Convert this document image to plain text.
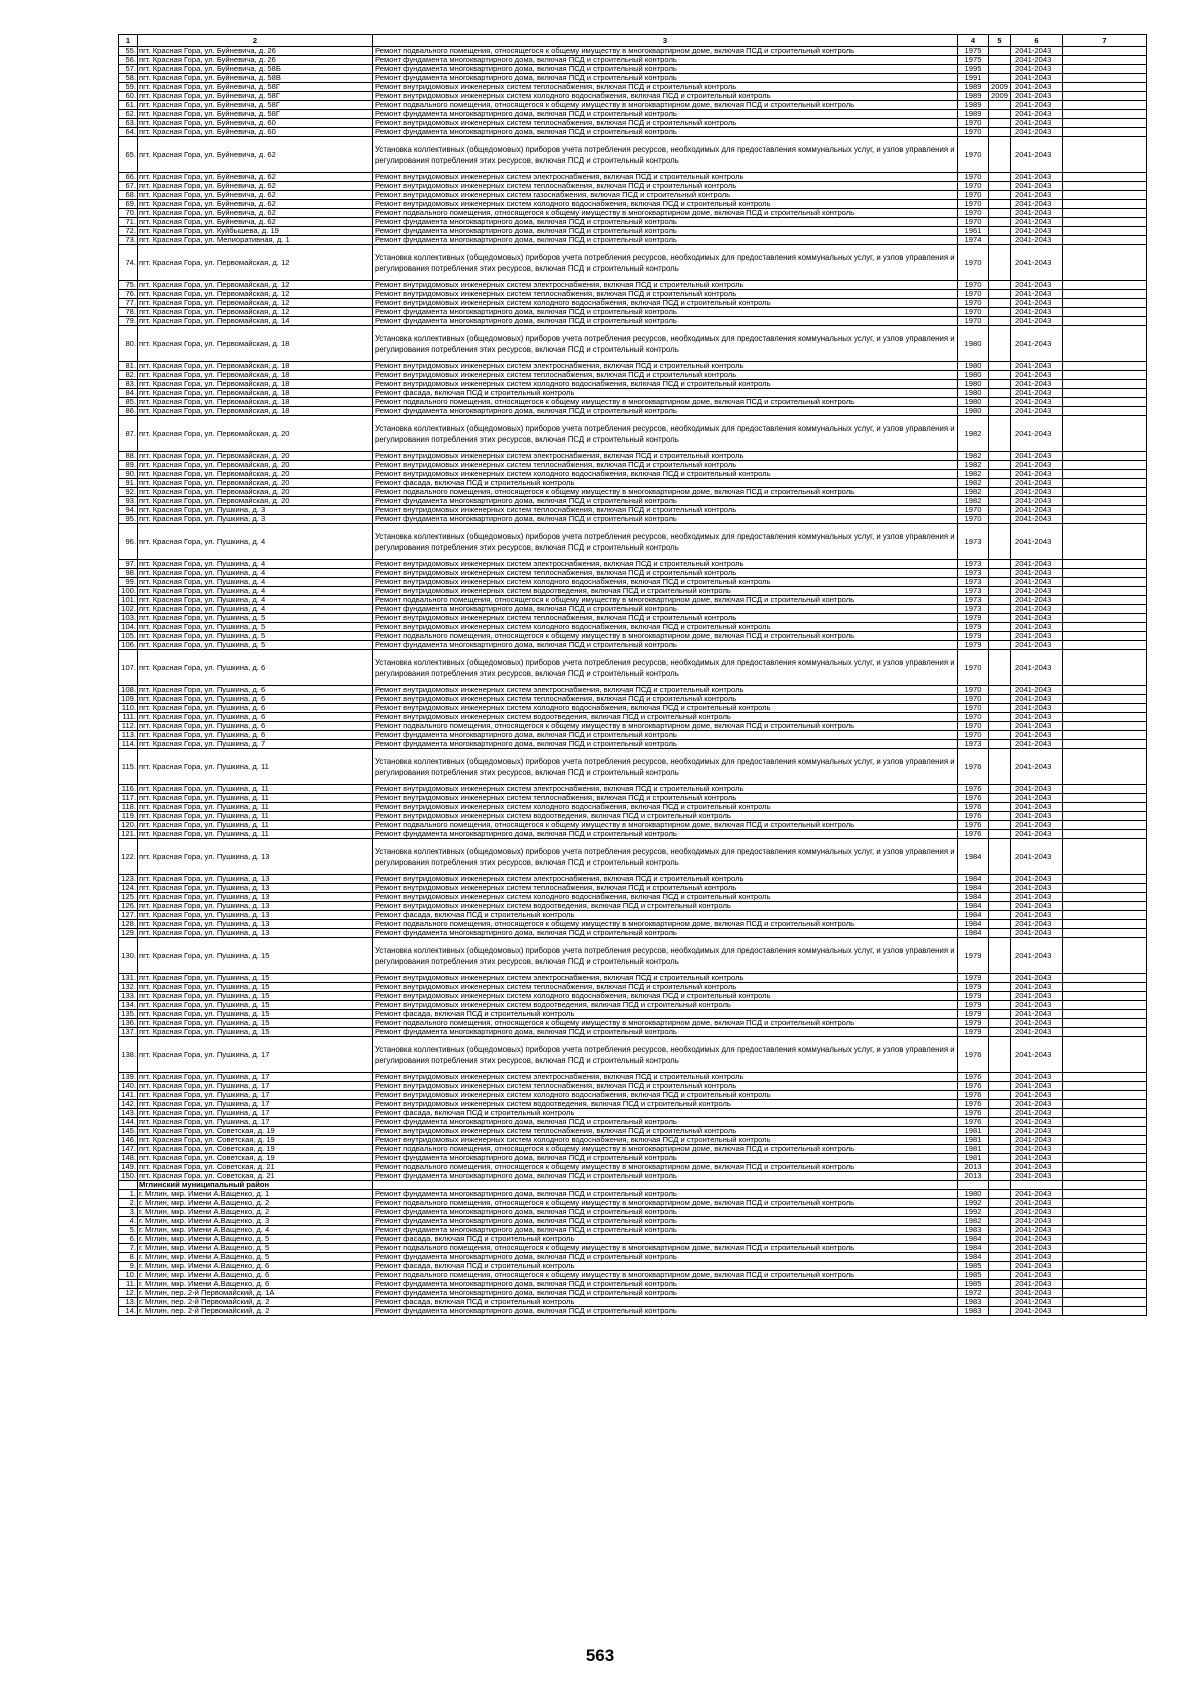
1	2	3	4	5	6	7
55.	пгт. Красная Гора, ул. Буйневича, д. 26	Ремонт подвального помещения, относящегося к общему имуществу в многоквартирном доме, включая ПСД и строительный контроль	1975		2041-2043	
56.	пгт. Красная Гора, ул. Буйневича, д. 26	Ремонт фундамента многоквартирного дома, включая ПСД и строительный контроль	1975		2041-2043	
57.	пгт. Красная Гора, ул. Буйневича, д. 58Б	Ремонт фундамента многоквартирного дома, включая ПСД и строительный контроль	1995		2041-2043	
58.	пгт. Красная Гора, ул. Буйневича, д. 58В	Ремонт фундамента многоквартирного дома, включая ПСД и строительный контроль	1991		2041-2043	
59.	пгт. Красная Гора, ул. Буйневича, д. 58Г	Ремонт внутридомовых инженерных систем теплоснабжения, включая ПСД и строительный контроль	1989	2009	2041-2043	
60.	пгт. Красная Гора, ул. Буйневича, д. 58Г	Ремонт внутридомовых инженерных систем холодного водоснабжения, включая ПСД и строительный контроль	1989	2009	2041-2043	
61.	пгт. Красная Гора, ул. Буйневича, д. 58Г	Ремонт подвального помещения, относящегося к общему имуществу в многоквартирном доме, включая ПСД и строительный контроль	1989		2041-2043	
62.	пгт. Красная Гора, ул. Буйневича, д. 58Г	Ремонт фундамента многоквартирного дома, включая ПСД и строительный контроль	1989		2041-2043	
63.	пгт. Красная Гора, ул. Буйневича, д. 60	Ремонт внутридомовых инженерных систем теплоснабжения, включая ПСД и строительный контроль	1970		2041-2043	
64.	пгт. Красная Гора, ул. Буйневича, д. 60	Ремонт фундамента многоквартирного дома, включая ПСД и строительный контроль	1970		2041-2043	
65.	пгт. Красная Гора, ул. Буйневича, д. 62	Установка коллективных (общедомовых) приборов учета потребления ресурсов, необходимых для предоставления коммунальных услуг, и узлов управления и регулирования потребления этих ресурсов, включая ПСД и строительный контроль	1970		2041-2043	
66.	пгт. Красная Гора, ул. Буйневича, д. 62	Ремонт внутридомовых инженерных систем электроснабжения, включая ПСД и строительный контроль	1970		2041-2043	
67.	пгт. Красная Гора, ул. Буйневича, д. 62	Ремонт внутридомовых инженерных систем теплоснабжения, включая ПСД и строительный контроль	1970		2041-2043	
68.	пгт. Красная Гора, ул. Буйневича, д. 62	Ремонт внутридомовых инженерных систем газоснабжения, включая ПСД и строительный контроль	1970		2041-2043	
69.	пгт. Красная Гора, ул. Буйневича, д. 62	Ремонт внутридомовых инженерных систем холодного водоснабжения, включая ПСД и строительный контроль	1970		2041-2043	
70.	пгт. Красная Гора, ул. Буйневича, д. 62	Ремонт подвального помещения, относящегося к общему имуществу в многоквартирном доме, включая ПСД и строительный контроль	1970		2041-2043	
71.	пгт. Красная Гора, ул. Буйневича, д. 62	Ремонт фундамента многоквартирного дома, включая ПСД и строительный контроль	1970		2041-2043	
72.	пгт. Красная Гора, ул. Куйбышева, д. 19	Ремонт фундамента многоквартирного дома, включая ПСД и строительный контроль	1961		2041-2043	
73.	пгт. Красная Гора, ул. Мелиоративная, д. 1	Ремонт фундамента многоквартирного дома, включая ПСД и строительный контроль	1974		2041-2043	
74.	пгт. Красная Гора, ул. Первомайская, д. 12	Установка коллективных (общедомовых) приборов учета потребления ресурсов, необходимых для предоставления коммунальных услуг, и узлов управления и регулирования потребления этих ресурсов, включая ПСД и строительный контроль	1970		2041-2043	
75.	пгт. Красная Гора, ул. Первомайская, д. 12	Ремонт внутридомовых инженерных систем электроснабжения, включая ПСД и строительный контроль	1970		2041-2043	
76.	пгт. Красная Гора, ул. Первомайская, д. 12	Ремонт внутридомовых инженерных систем теплоснабжения, включая ПСД и строительный контроль	1970		2041-2043	
77.	пгт. Красная Гора, ул. Первомайская, д. 12	Ремонт внутридомовых инженерных систем холодного водоснабжения, включая ПСД и строительный контроль	1970		2041-2043	
78.	пгт. Красная Гора, ул. Первомайская, д. 12	Ремонт фундамента многоквартирного дома, включая ПСД и строительный контроль	1970		2041-2043	
79.	пгт. Красная Гора, ул. Первомайская, д. 14	Ремонт фундамента многоквартирного дома, включая ПСД и строительный контроль	1970		2041-2043	
80.	пгт. Красная Гора, ул. Первомайская, д. 18	Установка коллективных (общедомовых) приборов учета потребления ресурсов, необходимых для предоставления коммунальных услуг, и узлов управления и регулирования потребления этих ресурсов, включая ПСД и строительный контроль	1980		2041-2043	
81.	пгт. Красная Гора, ул. Первомайская, д. 18	Ремонт внутридомовых инженерных систем электроснабжения, включая ПСД и строительный контроль	1980		2041-2043	
82.	пгт. Красная Гора, ул. Первомайская, д. 18	Ремонт внутридомовых инженерных систем теплоснабжения, включая ПСД и строительный контроль	1980		2041-2043	
83.	пгт. Красная Гора, ул. Первомайская, д. 18	Ремонт внутридомовых инженерных систем холодного водоснабжения, включая ПСД и строительный контроль	1980		2041-2043	
84.	пгт. Красная Гора, ул. Первомайская, д. 18	Ремонт фасада, включая ПСД и строительный контроль	1980		2041-2043	
85.	пгт. Красная Гора, ул. Первомайская, д. 18	Ремонт подвального помещения, относящегося к общему имуществу в многоквартирном доме, включая ПСД и строительный контроль	1980		2041-2043	
86.	пгт. Красная Гора, ул. Первомайская, д. 18	Ремонт фундамента многоквартирного дома, включая ПСД и строительный контроль	1980		2041-2043	
87.	пгт. Красная Гора, ул. Первомайская, д. 20	Установка коллективных (общедомовых) приборов учета потребления ресурсов, необходимых для предоставления коммунальных услуг, и узлов управления и регулирования потребления этих ресурсов, включая ПСД и строительный контроль	1982		2041-2043	
88.	пгт. Красная Гора, ул. Первомайская, д. 20	Ремонт внутридомовых инженерных систем электроснабжения, включая ПСД и строительный контроль	1982		2041-2043	
89.	пгт. Красная Гора, ул. Первомайская, д. 20	Ремонт внутридомовых инженерных систем теплоснабжения, включая ПСД и строительный контроль	1982		2041-2043	
90.	пгт. Красная Гора, ул. Первомайская, д. 20	Ремонт внутридомовых инженерных систем холодного водоснабжения, включая ПСД и строительный контроль	1982		2041-2043	
91.	пгт. Красная Гора, ул. Первомайская, д. 20	Ремонт фасада, включая ПСД и строительный контроль	1982		2041-2043	
92.	пгт. Красная Гора, ул. Первомайская, д. 20	Ремонт подвального помещения, относящегося к общему имуществу в многоквартирном доме, включая ПСД и строительный контроль	1982		2041-2043	
93.	пгт. Красная Гора, ул. Первомайская, д. 20	Ремонт фундамента многоквартирного дома, включая ПСД и строительный контроль	1982		2041-2043	
94.	пгт. Красная Гора, ул. Пушкина, д. 3	Ремонт внутридомовых инженерных систем теплоснабжения, включая ПСД и строительный контроль	1970		2041-2043	
95.	пгт. Красная Гора, ул. Пушкина, д. 3	Ремонт фундамента многоквартирного дома, включая ПСД и строительный контроль	1970		2041-2043	
96.	пгт. Красная Гора, ул. Пушкина, д. 4	Установка коллективных (общедомовых) приборов учета потребления ресурсов, необходимых для предоставления коммунальных услуг, и узлов управления и регулирования потребления этих ресурсов, включая ПСД и строительный контроль	1973		2041-2043	
97.	пгт. Красная Гора, ул. Пушкина, д. 4	Ремонт внутридомовых инженерных систем электроснабжения, включая ПСД и строительный контроль	1973		2041-2043	
98.	пгт. Красная Гора, ул. Пушкина, д. 4	Ремонт внутридомовых инженерных систем теплоснабжения, включая ПСД и строительный контроль	1973		2041-2043	
99.	пгт. Красная Гора, ул. Пушкина, д. 4	Ремонт внутридомовых инженерных систем холодного водоснабжения, включая ПСД и строительный контроль	1973		2041-2043	
100.	пгт. Красная Гора, ул. Пушкина, д. 4	Ремонт внутридомовых инженерных систем водоотведения, включая ПСД и строительный контроль	1973		2041-2043	
101.	пгт. Красная Гора, ул. Пушкина, д. 4	Ремонт подвального помещения, относящегося к общему имуществу в многоквартирном доме, включая ПСД и строительный контроль	1973		2041-2043	
102.	пгт. Красная Гора, ул. Пушкина, д. 4	Ремонт фундамента многоквартирного дома, включая ПСД и строительный контроль	1973		2041-2043	
103.	пгт. Красная Гора, ул. Пушкина, д. 5	Ремонт внутридомовых инженерных систем теплоснабжения, включая ПСД и строительный контроль	1979		2041-2043	
104.	пгт. Красная Гора, ул. Пушкина, д. 5	Ремонт внутридомовых инженерных систем холодного водоснабжения, включая ПСД и строительный контроль	1979		2041-2043	
105.	пгт. Красная Гора, ул. Пушкина, д. 5	Ремонт подвального помещения, относящегося к общему имуществу в многоквартирном доме, включая ПСД и строительный контроль	1979		2041-2043	
106.	пгт. Красная Гора, ул. Пушкина, д. 5	Ремонт фундамента многоквартирного дома, включая ПСД и строительный контроль	1979		2041-2043	
107.	пгт. Красная Гора, ул. Пушкина, д. 6	Установка коллективных (общедомовых) приборов учета потребления ресурсов, необходимых для предоставления коммунальных услуг, и узлов управления и регулирования потребления этих ресурсов, включая ПСД и строительный контроль	1970		2041-2043	
108.	пгт. Красная Гора, ул. Пушкина, д. 6	Ремонт внутридомовых инженерных систем электроснабжения, включая ПСД и строительный контроль	1970		2041-2043	
109.	пгт. Красная Гора, ул. Пушкина, д. 6	Ремонт внутридомовых инженерных систем теплоснабжения, включая ПСД и строительный контроль	1970		2041-2043	
110.	пгт. Красная Гора, ул. Пушкина, д. 6	Ремонт внутридомовых инженерных систем холодного водоснабжения, включая ПСД и строительный контроль	1970		2041-2043	
111.	пгт. Красная Гора, ул. Пушкина, д. 6	Ремонт внутридомовых инженерных систем водоотведения, включая ПСД и строительный контроль	1970		2041-2043	
112.	пгт. Красная Гора, ул. Пушкина, д. 6	Ремонт подвального помещения, относящегося к общему имуществу в многоквартирном доме, включая ПСД и строительный контроль	1970		2041-2043	
113.	пгт. Красная Гора, ул. Пушкина, д. 6	Ремонт фундамента многоквартирного дома, включая ПСД и строительный контроль	1970		2041-2043	
114.	пгт. Красная Гора, ул. Пушкина, д. 7	Ремонт фундамента многоквартирного дома, включая ПСД и строительный контроль	1973		2041-2043	
115.	пгт. Красная Гора, ул. Пушкина, д. 11	Установка коллективных (общедомовых) приборов учета потребления ресурсов, необходимых для предоставления коммунальных услуг, и узлов управления и регулирования потребления этих ресурсов, включая ПСД и строительный контроль	1976		2041-2043	
116.	пгт. Красная Гора, ул. Пушкина, д. 11	Ремонт внутридомовых инженерных систем электроснабжения, включая ПСД и строительный контроль	1976		2041-2043	
117.	пгт. Красная Гора, ул. Пушкина, д. 11	Ремонт внутридомовых инженерных систем теплоснабжения, включая ПСД и строительный контроль	1976		2041-2043	
118.	пгт. Красная Гора, ул. Пушкина, д. 11	Ремонт внутридомовых инженерных систем холодного водоснабжения, включая ПСД и строительный контроль	1976		2041-2043	
119.	пгт. Красная Гора, ул. Пушкина, д. 11	Ремонт внутридомовых инженерных систем водоотведения, включая ПСД и строительный контроль	1976		2041-2043	
120.	пгт. Красная Гора, ул. Пушкина, д. 11	Ремонт подвального помещения, относящегося к общему имуществу в многоквартирном доме, включая ПСД и строительный контроль	1976		2041-2043	
121.	пгт. Красная Гора, ул. Пушкина, д. 11	Ремонт фундамента многоквартирного дома, включая ПСД и строительный контроль	1976		2041-2043	
122.	пгт. Красная Гора, ул. Пушкина, д. 13	Установка коллективных (общедомовых) приборов учета потребления ресурсов, необходимых для предоставления коммунальных услуг, и узлов управления и регулирования потребления этих ресурсов, включая ПСД и строительный контроль	1984		2041-2043	
123.	пгт. Красная Гора, ул. Пушкина, д. 13	Ремонт внутридомовых инженерных систем электроснабжения, включая ПСД и строительный контроль	1984		2041-2043	
124.	пгт. Красная Гора, ул. Пушкина, д. 13	Ремонт внутридомовых инженерных систем теплоснабжения, включая ПСД и строительный контроль	1984		2041-2043	
125.	пгт. Красная Гора, ул. Пушкина, д. 13	Ремонт внутридомовых инженерных систем холодного водоснабжения, включая ПСД и строительный контроль	1984		2041-2043	
126.	пгт. Красная Гора, ул. Пушкина, д. 13	Ремонт внутридомовых инженерных систем водоотведения, включая ПСД и строительный контроль	1984		2041-2043	
127.	пгт. Красная Гора, ул. Пушкина, д. 13	Ремонт фасада, включая ПСД и строительный контроль	1984		2041-2043	
128.	пгт. Красная Гора, ул. Пушкина, д. 13	Ремонт подвального помещения, относящегося к общему имуществу в многоквартирном доме, включая ПСД и строительный контроль	1984		2041-2043	
129.	пгт. Красная Гора, ул. Пушкина, д. 13	Ремонт фундамента многоквартирного дома, включая ПСД и строительный контроль	1984		2041-2043	
130.	пгт. Красная Гора, ул. Пушкина, д. 15	Установка коллективных (общедомовых) приборов учета потребления ресурсов, необходимых для предоставления коммунальных услуг, и узлов управления и регулирования потребления этих ресурсов, включая ПСД и строительный контроль	1979		2041-2043	
131.	пгт. Красная Гора, ул. Пушкина, д. 15	Ремонт внутридомовых инженерных систем электроснабжения, включая ПСД и строительный контроль	1979		2041-2043	
132.	пгт. Красная Гора, ул. Пушкина, д. 15	Ремонт внутридомовых инженерных систем теплоснабжения, включая ПСД и строительный контроль	1979		2041-2043	
133.	пгт. Красная Гора, ул. Пушкина, д. 15	Ремонт внутридомовых инженерных систем холодного водоснабжения, включая ПСД и строительный контроль	1979		2041-2043	
134.	пгт. Красная Гора, ул. Пушкина, д. 15	Ремонт внутридомовых инженерных систем водоотведения, включая ПСД и строительный контроль	1979		2041-2043	
135.	пгт. Красная Гора, ул. Пушкина, д. 15	Ремонт фасада, включая ПСД и строительный контроль	1979		2041-2043	
136.	пгт. Красная Гора, ул. Пушкина, д. 15	Ремонт подвального помещения, относящегося к общему имуществу в многоквартирном доме, включая ПСД и строительный контроль	1979		2041-2043	
137.	пгт. Красная Гора, ул. Пушкина, д. 15	Ремонт фундамента многоквартирного дома, включая ПСД и строительный контроль	1979		2041-2043	
138.	пгт. Красная Гора, ул. Пушкина, д. 17	Установка коллективных (общедомовых) приборов учета потребления ресурсов, необходимых для предоставления коммунальных услуг, и узлов управления и регулирования потребления этих ресурсов, включая ПСД и строительный контроль	1976		2041-2043	
139.	пгт. Красная Гора, ул. Пушкина, д. 17	Ремонт внутридомовых инженерных систем электроснабжения, включая ПСД и строительный контроль	1976		2041-2043	
140.	пгт. Красная Гора, ул. Пушкина, д. 17	Ремонт внутридомовых инженерных систем теплоснабжения, включая ПСД и строительный контроль	1976		2041-2043	
141.	пгт. Красная Гора, ул. Пушкина, д. 17	Ремонт внутридомовых инженерных систем холодного водоснабжения, включая ПСД и строительный контроль	1976		2041-2043	
142.	пгт. Красная Гора, ул. Пушкина, д. 17	Ремонт внутридомовых инженерных систем водоотведения, включая ПСД и строительный контроль	1976		2041-2043	
143.	пгт. Красная Гора, ул. Пушкина, д. 17	Ремонт фасада, включая ПСД и строительный контроль	1976		2041-2043	
144.	пгт. Красная Гора, ул. Пушкина, д. 17	Ремонт фундамента многоквартирного дома, включая ПСД и строительный контроль	1976		2041-2043	
145.	пгт. Красная Гора, ул. Советская, д. 19	Ремонт внутридомовых инженерных систем теплоснабжения, включая ПСД и строительный контроль	1981		2041-2043	
146.	пгт. Красная Гора, ул. Советская, д. 19	Ремонт внутридомовых инженерных систем холодного водоснабжения, включая ПСД и строительный контроль	1981		2041-2043	
147.	пгт. Красная Гора, ул. Советская, д. 19	Ремонт подвального помещения, относящегося к общему имуществу в многоквартирном доме, включая ПСД и строительный контроль	1981		2041-2043	
148.	пгт. Красная Гора, ул. Советская, д. 19	Ремонт фундамента многоквартирного дома, включая ПСД и строительный контроль	1981		2041-2043	
149.	пгт. Красная Гора, ул. Советская, д. 21	Ремонт подвального помещения, относящегося к общему имуществу в многоквартирном доме, включая ПСД и строительный контроль	2013		2041-2043	
150.	пгт. Красная Гора, ул. Советская, д. 21	Ремонт фундамента многоквартирного дома, включая ПСД и строительный контроль	2013		2041-2043	
	Мглинский муниципальный район					
1.	г. Мглин, мкр. Имени А.Ващенко, д. 1	Ремонт фундамента многоквартирного дома, включая ПСД и строительный контроль	1980		2041-2043	
2.	г. Мглин, мкр. Имени А.Ващенко, д. 2	Ремонт подвального помещения, относящегося к общему имуществу в многоквартирном доме, включая ПСД и строительный контроль	1992		2041-2043	
3.	г. Мглин, мкр. Имени А.Ващенко, д. 2	Ремонт фундамента многоквартирного дома, включая ПСД и строительный контроль	1992		2041-2043	
4.	г. Мглин, мкр. Имени А.Ващенко, д. 3	Ремонт фундамента многоквартирного дома, включая ПСД и строительный контроль	1982		2041-2043	
5.	г. Мглин, мкр. Имени А.Ващенко, д. 4	Ремонт фундамента многоквартирного дома, включая ПСД и строительный контроль	1983		2041-2043	
6.	г. Мглин, мкр. Имени А.Ващенко, д. 5	Ремонт фасада, включая ПСД и строительный контроль	1984		2041-2043	
7.	г. Мглин, мкр. Имени А.Ващенко, д. 5	Ремонт подвального помещения, относящегося к общему имуществу в многоквартирном доме, включая ПСД и строительный контроль	1984		2041-2043	
8.	г. Мглин, мкр. Имени А.Ващенко, д. 5	Ремонт фундамента многоквартирного дома, включая ПСД и строительный контроль	1984		2041-2043	
9.	г. Мглин, мкр. Имени А.Ващенко, д. 6	Ремонт фасада, включая ПСД и строительный контроль	1985		2041-2043	
10.	г. Мглин, мкр. Имени А.Ващенко, д. 6	Ремонт подвального помещения, относящегося к общему имуществу в многоквартирном доме, включая ПСД и строительный контроль	1985		2041-2043	
11.	г. Мглин, мкр. Имени А.Ващенко, д. 6	Ремонт фундамента многоквартирного дома, включая ПСД и строительный контроль	1985		2041-2043	
12.	г. Мглин, пер. 2-й Первомайский, д. 1А	Ремонт фундамента многоквартирного дома, включая ПСД и строительный контроль	1972		2041-2043	
13.	г. Мглин, пер. 2-й Первомайский, д. 2	Ремонт фасада, включая ПСД и строительный контроль	1983		2041-2043	
14.	г. Мглин, пер. 2-й Первомайский, д. 2	Ремонт фундамента многоквартирного дома, включая ПСД и строительный контроль	1983		2041-2043	
563
